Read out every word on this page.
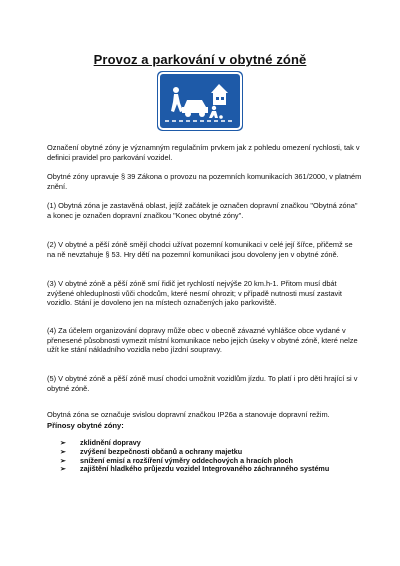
Provoz a parkování v obytné zóně
Označení obytné zóny je významným regulačním prvkem jak z pohledu omezení rychlosti, tak v definici pravidel pro parkování vozidel.
Obytné zóny upravuje § 39 Zákona o provozu na pozemních komunikacích 361/2000, v platném znění.
(1) Obytná zóna je zastavěná oblast, jejíž začátek je označen dopravní značkou "Obytná zóna" a konec je označen dopravní značkou "Konec obytné zóny".
(2) V obytné a pěší zóně smějí chodci užívat pozemní komunikaci v celé její šířce, přičemž se na ně nevztahuje § 53. Hry dětí na pozemní komunikaci jsou dovoleny jen v obytné zóně.
(3) V obytné zóně a pěší zóně smí řidič jet rychlostí nejvýše 20 km.h-1. Přitom musí dbát zvýšené ohleduplnosti vůči chodcům, které nesmí ohrozit; v případě nutnosti musí zastavit vozidlo. Stání je dovoleno jen na místech označených jako parkoviště.
(4) Za účelem organizování dopravy může obec v obecně závazné vyhlášce obce vydané v přenesené působnosti vymezit místní komunikace nebo jejich úseky v obytné zóně, které nelze užít ke stání nákladního vozidla nebo jízdní soupravy.
(5) V obytné zóně a pěší zóně musí chodci umožnit vozidlům jízdu. To platí i pro děti hrající si v obytné zóně.
Obytná zóna se označuje svislou dopravní značkou IP26a a stanovuje dopravní režim.
Přínosy obytné zóny:
➢ zklidnění dopravy
➢ zvýšení bezpečnosti občanů a ochrany majetku
➢ snížení emisí a rozšíření výměry oddechových a hracích ploch
➢ zajištění hladkého průjezdu vozidel Integrovaného záchranného systému
